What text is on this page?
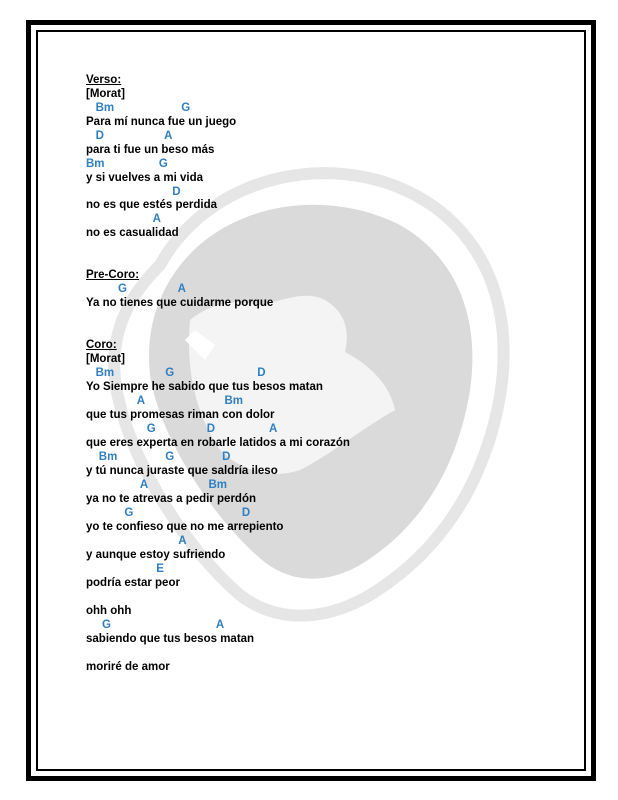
Verso:
[Morat]
Bm                     G
Para mí nunca fue un juego
D                   A
para ti fue un beso más
Bm                 G
y si vuelves a mi vida
D
no es que estés perdida
A
no es casualidad
Pre-Coro:
G                A
Ya no tienes que cuidarme porque
Coro:
[Morat]
Bm                G                          D
Yo Siempre he sabido que tus besos matan
A                         Bm
que tus promesas riman con dolor
G                D                 A
que eres experta en robarle latidos a mi corazón
Bm               G               D
y tú nunca juraste que saldría ileso
A                   Bm
ya no te atrevas a pedir perdón
G                                  D
yo te confieso que no me arrepiento
A
y aunque estoy sufriendo
E
podría estar peor
ohh ohh
G                                 A
sabiendo que tus besos matan
moriré de amor
